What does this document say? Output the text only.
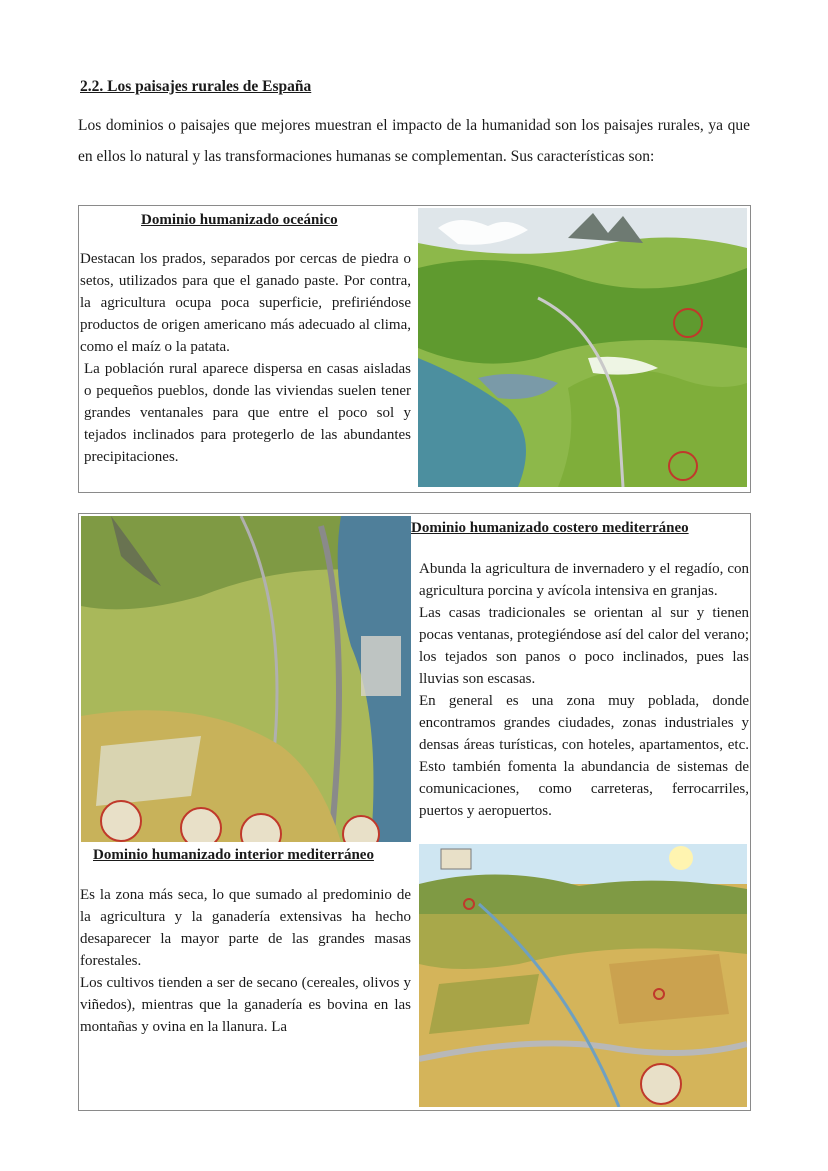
2.2. Los paisajes rurales de España
Los dominios o paisajes que mejores muestran el impacto de la humanidad son los paisajes rurales, ya que en ellos lo natural y las transformaciones humanas se complementan. Sus características son:
Dominio humanizado oceánico

Destacan los prados, separados por cercas de piedra o setos, utilizados para que el ganado paste. Por contra, la agricultura ocupa poca superficie, prefiriéndose productos de origen americano más adecuado al clima, como el maíz o la patata.

La población rural aparece dispersa en casas aisladas o pequeños pueblos, donde las viviendas suelen tener grandes ventanales para que entre el poco sol y tejados inclinados para protegerlo de las abundantes precipitaciones.

Dominio humanizado costero mediterráneo

Abunda la agricultura de invernadero y el regadío, con agricultura porcina y avícola intensiva en granjas.

Las casas tradicionales se orientan al sur y tienen pocas ventanas, protegiéndose así del calor del verano; los tejados son panos o poco inclinados, pues las lluvias son escasas.

En general es una zona muy poblada, donde encontramos grandes ciudades, zonas industriales y densas áreas turísticas, con hoteles, apartamentos, etc. Esto también fomenta la abundancia de sistemas de comunicaciones, como carreteras, ferrocarriles, puertos y aeropuertos.

Dominio humanizado interior mediterráneo

Es la zona más seca, lo que sumado al predominio de la agricultura y la ganadería extensivas ha hecho desaparecer la mayor parte de las grandes masas forestales.

Los cultivos tienden a ser de secano (cereales, olivos y viñedos), mientras que la ganadería es bovina en las montañas y ovina en la llanura. La
